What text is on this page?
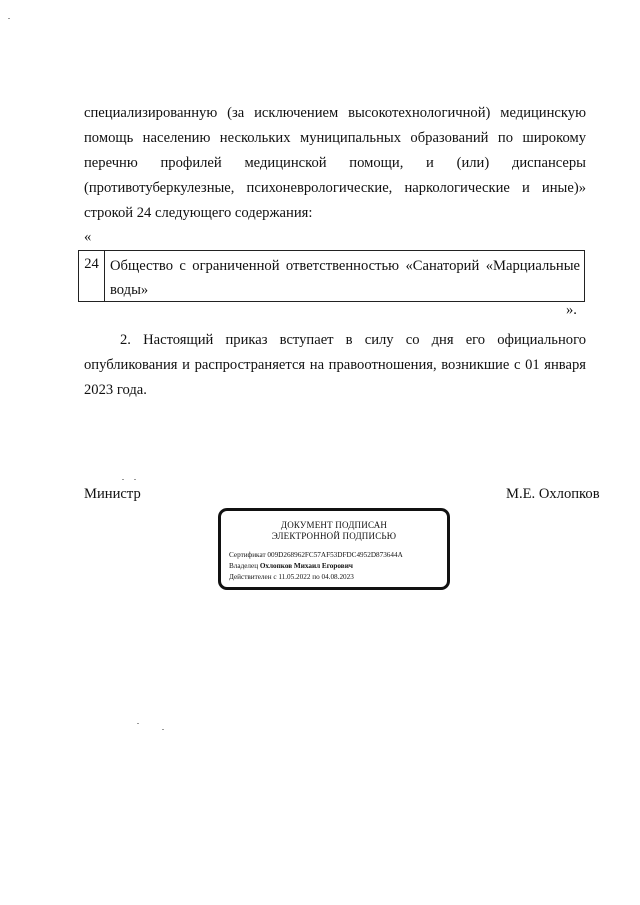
специализированную (за исключением высокотехнологичной) медицинскую
помощь населению нескольких муниципальных образований по широкому
перечню профилей медицинской помощи, и (или) диспансеры
(противотуберкулезные, психоневрологические, наркологические и иные)»
строкой 24 следующего содержания:
«
24 Общество с ограниченной ответственностью «Санаторий «Марциальные
воды»
».
2. Настоящий приказ вступает в силу со дня его официального
опубликования и распространяется на правоотношения, возникшие с 01 января
2023 года.
Министр	М.Е. Охлопков
ДОКУМЕНТ ПОДПИСАН
ЭЛЕКТРОННОЙ ПОДПИСЬЮ
Сертификат 009D268962FC57AF53DFDC4952D873644A
Владелец Охлопков Михаил Егорович
Действителен с 11.05.2022 по 04.08.2023
